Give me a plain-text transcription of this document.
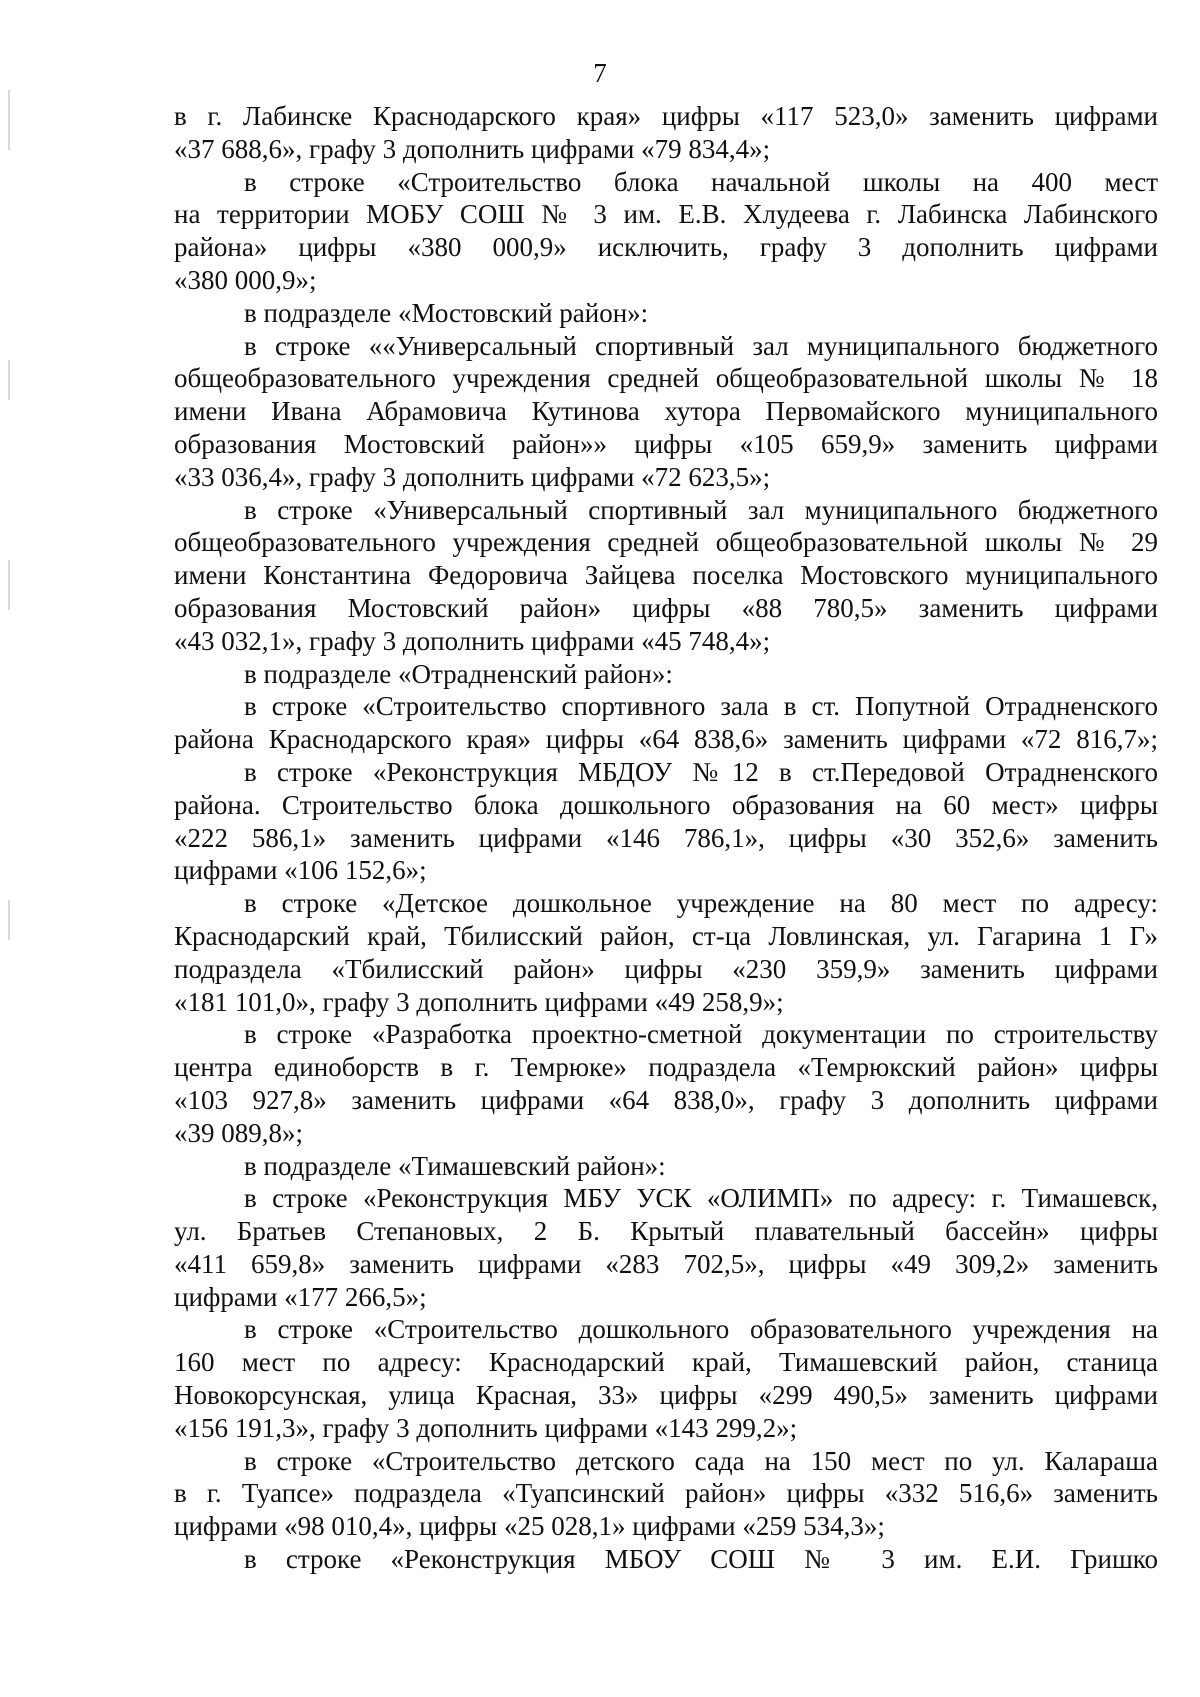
7
в г. Лабинске Краснодарского края» цифры «117 523,0» заменить цифрами
«37 688,6», графу 3 дополнить цифрами «79 834,4»;
в строке «Строительство блока начальной школы на 400 мест
на территории МОБУ СОШ № 3 им. Е.В. Хлудеева г. Лабинска Лабинского
района» цифры «380 000,9» исключить, графу 3 дополнить цифрами
«380 000,9»;
в подразделе «Мостовский район»:
в строке ««Универсальный спортивный зал муниципального бюджетного
общеобразовательного учреждения средней общеобразовательной школы № 18
имени Ивана Абрамовича Кутинова хутора Первомайского муниципального
образования Мостовский район»» цифры «105 659,9» заменить цифрами
«33 036,4», графу 3 дополнить цифрами «72 623,5»;
в строке «Универсальный спортивный зал муниципального бюджетного
общеобразовательного учреждения средней общеобразовательной школы № 29
имени Константина Федоровича Зайцева поселка Мостовского муниципального
образования Мостовский район» цифры «88 780,5» заменить цифрами
«43 032,1», графу 3 дополнить цифрами «45 748,4»;
в подразделе «Отрадненский район»:
в строке «Строительство спортивного зала в ст. Попутной Отрадненского
района Краснодарского края» цифры «64 838,6» заменить цифрами «72 816,7»;
в строке «Реконструкция МБДОУ №12 в ст.Передовой Отрадненского
района. Строительство блока дошкольного образования на 60 мест» цифры
«222 586,1» заменить цифрами «146 786,1», цифры «30 352,6» заменить
цифрами «106 152,6»;
в строке «Детское дошкольное учреждение на 80 мест по адресу:
Краснодарский край, Тбилисский район, ст-ца Ловлинская, ул. Гагарина 1 Г»
подраздела «Тбилисский район» цифры «230 359,9» заменить цифрами
«181 101,0», графу 3 дополнить цифрами «49 258,9»;
в строке «Разработка проектно-сметной документации по строительству
центра единоборств в г. Темрюке» подраздела «Темрюкский район» цифры
«103 927,8» заменить цифрами «64 838,0», графу 3 дополнить цифрами
«39 089,8»;
в подразделе «Тимашевский район»:
в строке «Реконструкция МБУ УСК «ОЛИМП» по адресу: г. Тимашевск,
ул. Братьев Степановых, 2 Б. Крытый плавательный бассейн» цифры
«411 659,8» заменить цифрами «283 702,5», цифры «49 309,2» заменить
цифрами «177 266,5»;
в строке «Строительство дошкольного образовательного учреждения на
160 мест по адресу: Краснодарский край, Тимашевский район, станица
Новокорсунская, улица Красная, 33» цифры «299 490,5» заменить цифрами
«156 191,3», графу 3 дополнить цифрами «143 299,2»;
в строке «Строительство детского сада на 150 мест по ул. Калараша
в г. Туапсе» подраздела «Туапсинский район» цифры «332 516,6» заменить
цифрами «98 010,4», цифры «25 028,1» цифрами «259 534,3»;
в строке «Реконструкция МБОУ СОШ № 3 им. Е.И. Гришко
